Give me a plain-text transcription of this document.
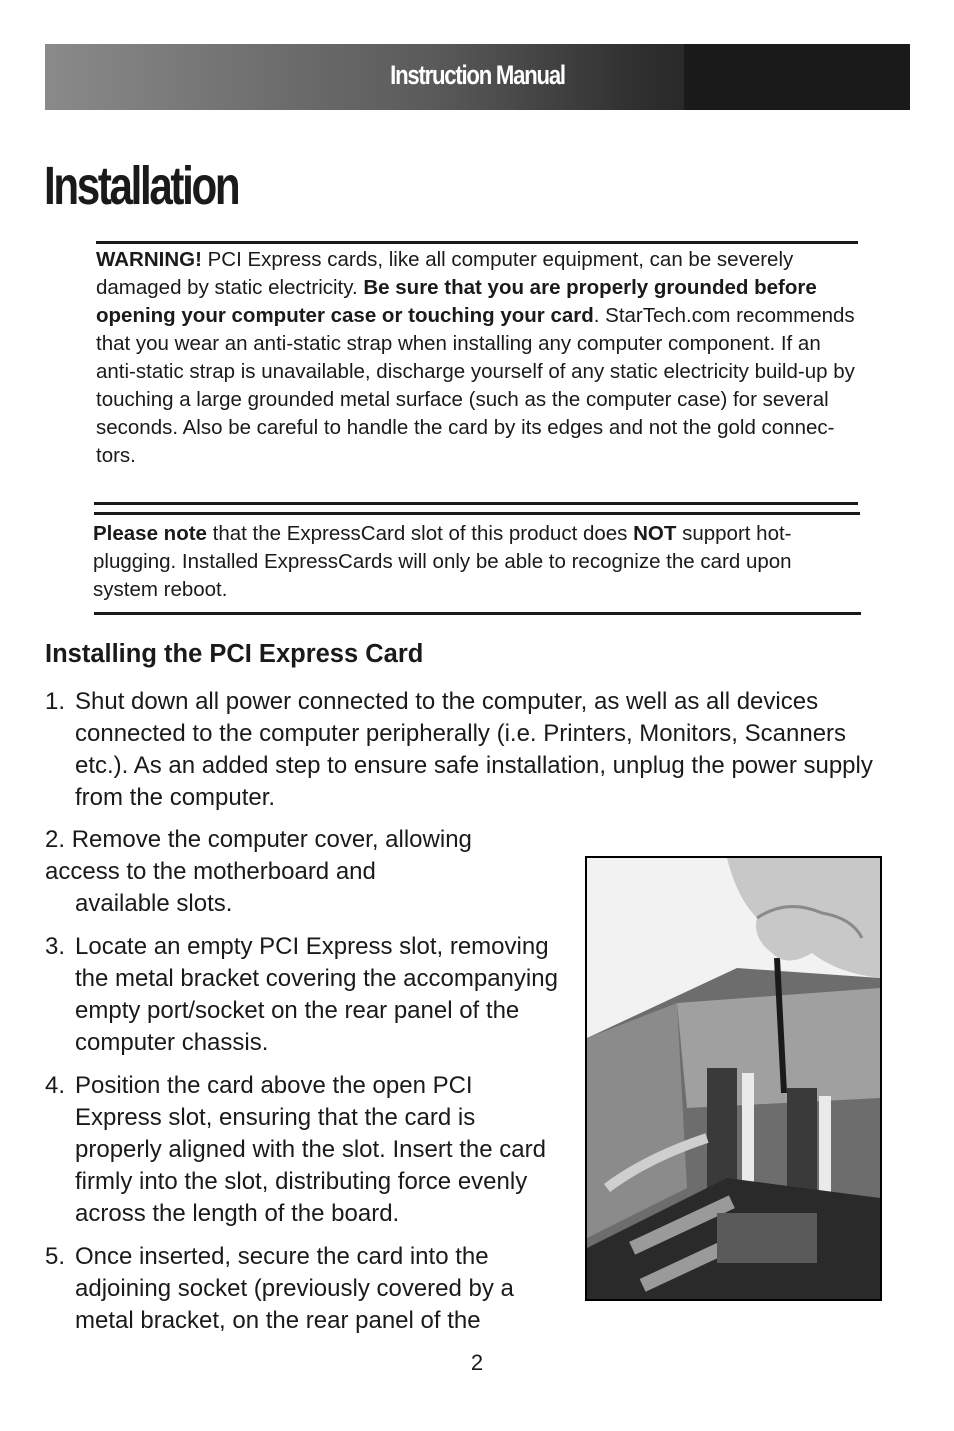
Instruction Manual
Installation
WARNING! PCI Express cards, like all computer equipment, can be severely damaged by static electricity. Be sure that you are properly grounded before opening your computer case or touching your card. StarTech.com recommends that you wear an anti-static strap when installing any computer component. If an anti-static strap is unavailable, discharge yourself of any static electricity build-up by touching a large grounded metal surface (such as the computer case) for several seconds. Also be careful to handle the card by its edges and not the gold connec-tors.
Please note that the ExpressCard slot of this product does NOT support hot-plugging. Installed ExpressCards will only be able to recognize the card upon system reboot.
Installing the PCI Express Card
1. Shut down all power connected to the computer, as well as all devices connected to the computer peripherally (i.e. Printers, Monitors, Scanners etc.). As an added step to ensure safe installation, unplug the power supply from the computer.
2. Remove the computer cover, allowing access to the motherboard and
available slots.
3. Locate an empty PCI Express slot, removing the metal bracket covering the accompanying empty port/socket on the rear panel of the computer chassis.
4. Position the card above the open PCI Express slot, ensuring that the card is properly aligned with the slot. Insert the card firmly into the slot, distributing force evenly across the length of the board.
5. Once inserted, secure the card into the adjoining socket (previously covered by a metal bracket, on the rear panel of the
2
